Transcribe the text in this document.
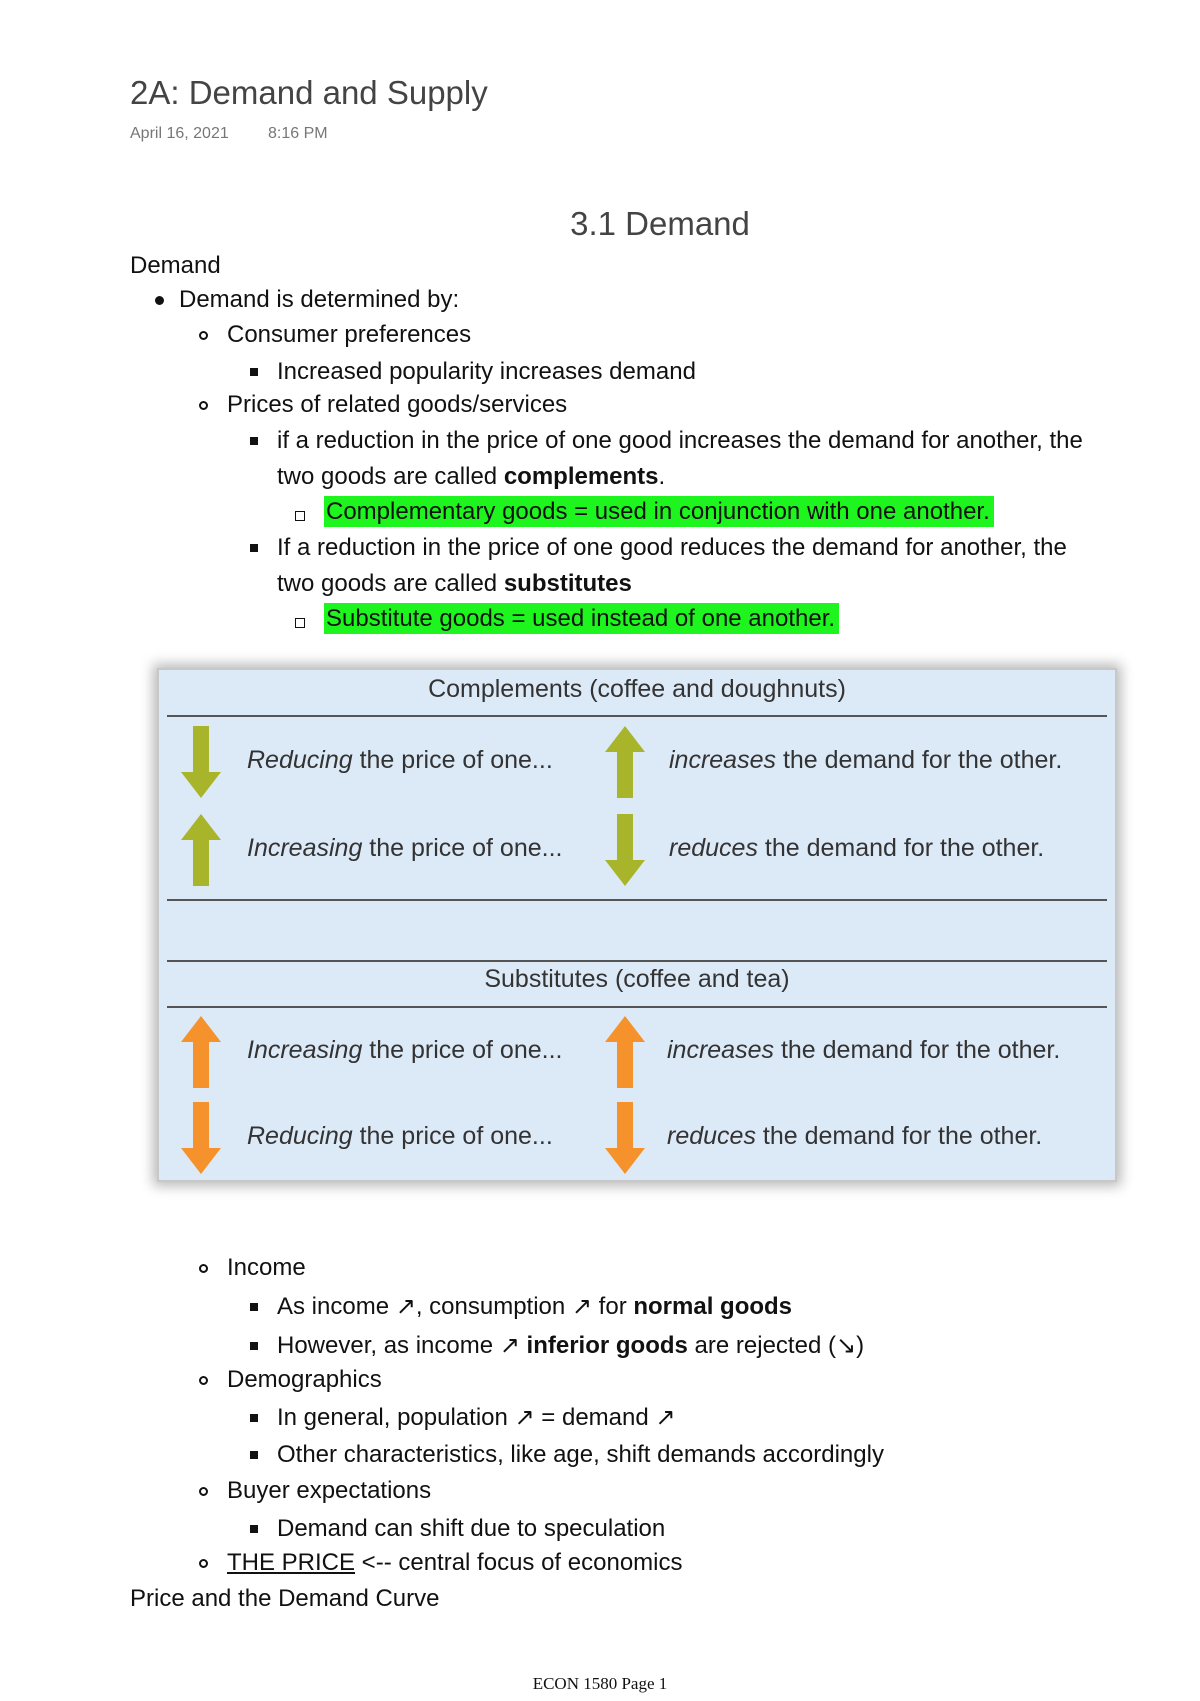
2A: Demand and Supply
April 16, 2021 8:16 PM
3.1 Demand
Demand
Demand is determined by:
Consumer preferences
Increased popularity increases demand
Prices of related goods/services
if a reduction in the price of one good increases the demand for another, the
two goods are called complements.
Complementary goods = used in conjunction with one another.
If a reduction in the price of one good reduces the demand for another, the
two goods are called substitutes
Substitute goods = used instead of one another.
Complements (coffee and doughnuts)
Reducing the price of one...	increases the demand for the other.
Increasing the price of one...	reduces the demand for the other.
Substitutes (coffee and tea)
Increasing the price of one...	increases the demand for the other.
Reducing the price of one...	reduces the demand for the other.
Income
As income ↗, consumption ↗ for normal goods
However, as income ↗ inferior goods are rejected (↘)
Demographics
In general, population ↗ = demand ↗
Other characteristics, like age, shift demands accordingly
Buyer expectations
Demand can shift due to speculation
THE PRICE <-- central focus of economics
Price and the Demand Curve
ECON 1580 Page 1
